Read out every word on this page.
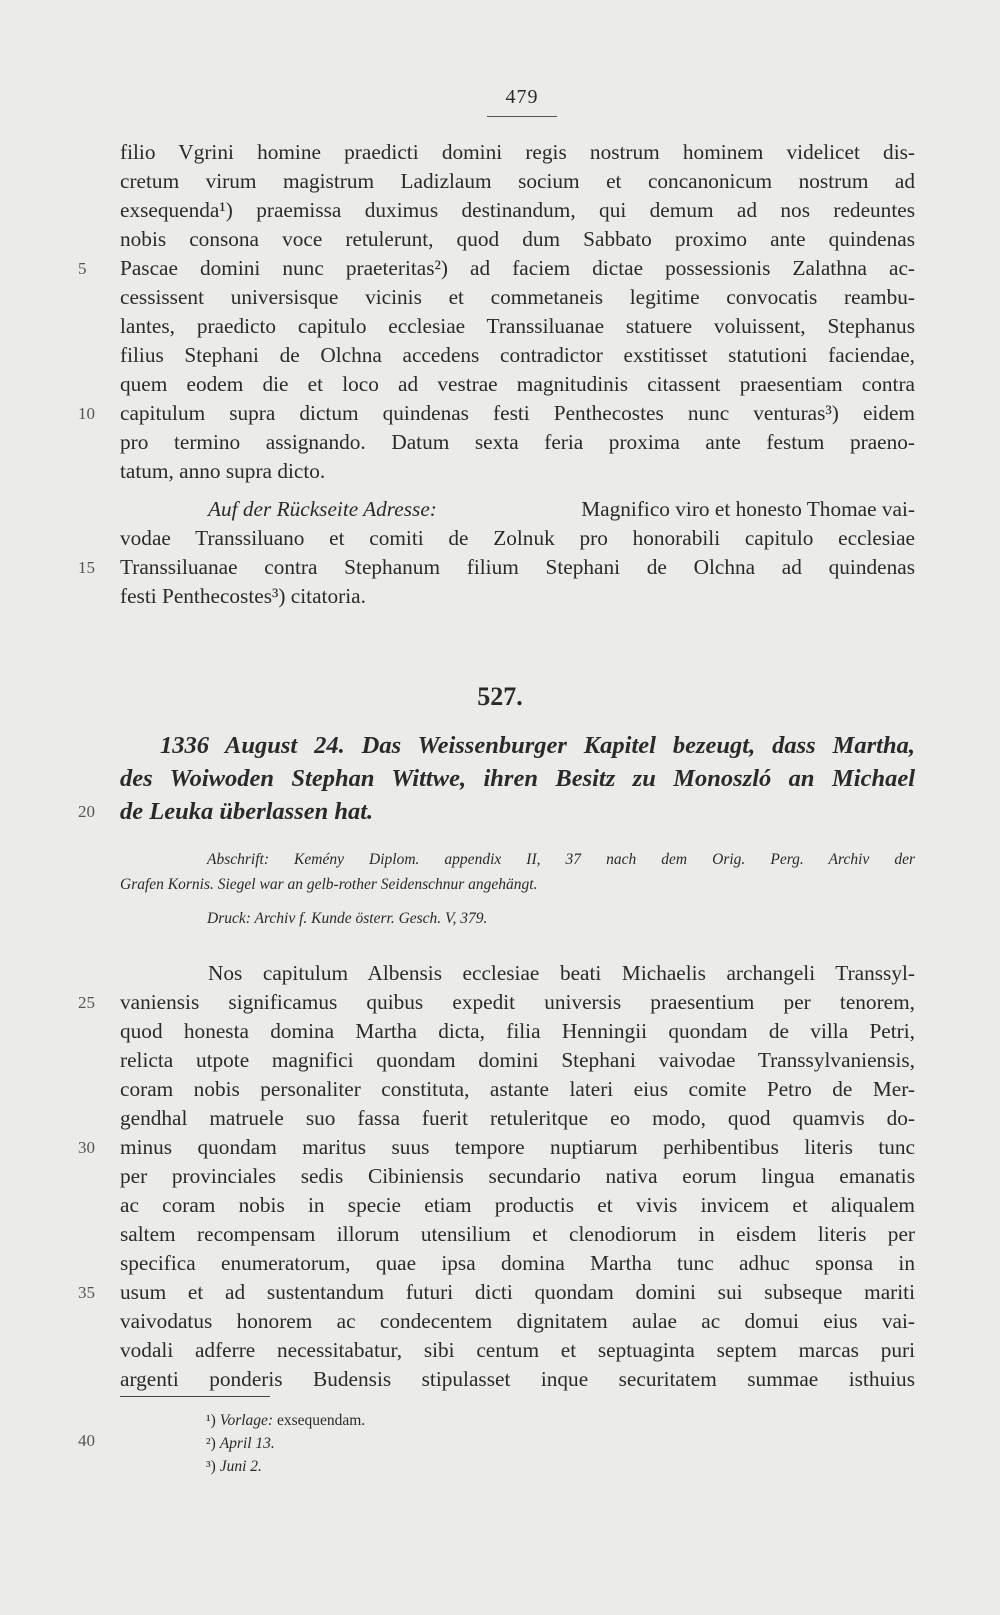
479
filio Vgrini homine praedicti domini regis nostrum hominem videlicet dis-
cretum virum magistrum Ladizlaum socium et concanonicum nostrum ad
exsequenda¹) praemissa duximus destinandum, qui demum ad nos redeuntes
nobis consona voce retulerunt, quod dum Sabbato proximo ante quindenas
Pascae domini nunc praeteritas²) ad faciem dictae possessionis Zalathna ac-
cessissent universisque vicinis et commetaneis legitime convocatis reambu-
lantes, praedicto capitulo ecclesiae Transsiluanae statuere voluissent, Stephanus
filius Stephani de Olchna accedens contradictor exstitisset statutioni faciendae,
quem eodem die et loco ad vestrae magnitudinis citassent praesentiam contra
capitulum supra dictum quindenas festi Penthecostes nunc venturas³) eidem
pro termino assignando. Datum sexta feria proxima ante festum praeno-
tatum, anno supra dicto.
Auf der Rückseite Adresse:	Magnifico viro et honesto Thomae vai-
vodae Transsiluano et comiti de Zolnuk pro honorabili capitulo ecclesiae
Transsiluanae contra Stephanum filium Stephani de Olchna ad quindenas
festi Penthecostes³) citatoria.
527.
1336 August 24. Das Weissenburger Kapitel bezeugt, dass Martha,
des Woiwoden Stephan Wittwe, ihren Besitz zu Monoszló an Michael
de Leuka überlassen hat.
Abschrift: Kemény Diplom. appendix II, 37 nach dem Orig. Perg. Archiv der
Grafen Kornis. Siegel war an gelb-rother Seidenschnur angehängt.
Druck: Archiv f. Kunde österr. Gesch. V, 379.
Nos capitulum Albensis ecclesiae beati Michaelis archangeli Transsyl-
vaniensis significamus quibus expedit universis praesentium per tenorem,
quod honesta domina Martha dicta, filia Henningii quondam de villa Petri,
relicta utpote magnifici quondam domini Stephani vaivodae Transsylvaniensis,
coram nobis personaliter constituta, astante lateri eius comite Petro de Mer-
gendhal matruele suo fassa fuerit retuleritque eo modo, quod quamvis do-
minus quondam maritus suus tempore nuptiarum perhibentibus literis tunc
per provinciales sedis Cibiniensis secundario nativa eorum lingua emanatis
ac coram nobis in specie etiam productis et vivis invicem et aliqualem
saltem recompensam illorum utensilium et clenodiorum in eisdem literis per
specifica enumeratorum, quae ipsa domina Martha tunc adhuc sponsa in
usum et ad sustentandum futuri dicti quondam domini sui subseque mariti
vaivodatus honorem ac condecentem dignitatem aulae ac domui eius vai-
vodali adferre necessitabatur, sibi centum et septuaginta septem marcas puri
argenti ponderis Budensis stipulasset inque securitatem summae isthuius
¹) Vorlage: exsequendam.
²) April 13.
³) Juni 2.
5
10
15
20
25
30
35
40
